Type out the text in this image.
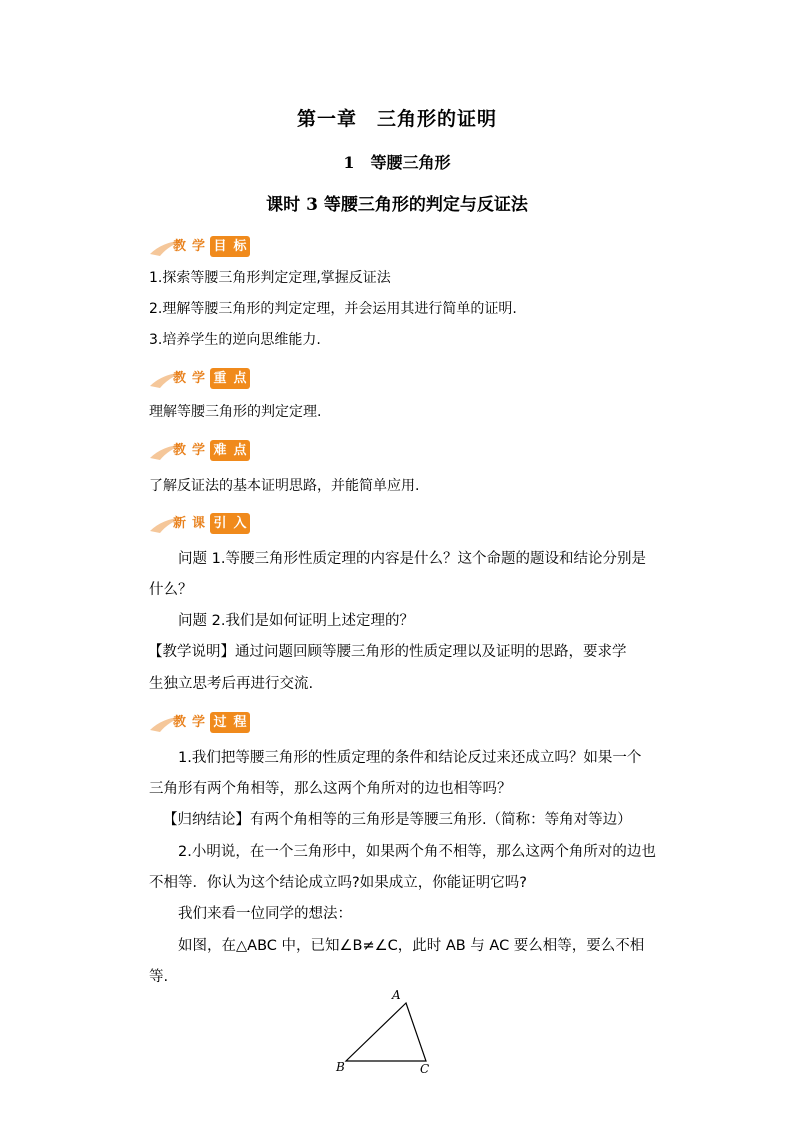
第一章　三角形的证明
1　等腰三角形
课时 3 等腰三角形的判定与反证法
教 学 目 标
1.探索等腰三角形判定定理,掌握反证法
2.理解等腰三角形的判定定理，并会运用其进行简单的证明.
3.培养学生的逆向思维能力.
教 学 重 点
理解等腰三角形的判定定理.
教 学 难 点
了解反证法的基本证明思路，并能简单应用.
新 课 引 入
问题 1.等腰三角形性质定理的内容是什么？这个命题的题设和结论分别是
什么？
问题 2.我们是如何证明上述定理的？
【教学说明】通过问题回顾等腰三角形的性质定理以及证明的思路，要求学
生独立思考后再进行交流.
教 学 过 程
1.我们把等腰三角形的性质定理的条件和结论反过来还成立吗？如果一个
三角形有两个角相等，那么这两个角所对的边也相等吗？
【归纳结论】有两个角相等的三角形是等腰三角形.（简称：等角对等边）
2.小明说，在一个三角形中，如果两个角不相等，那么这两个角所对的边也
不相等．你认为这个结论成立吗?如果成立，你能证明它吗?
我们来看一位同学的想法：
如图，在△ABC 中，已知∠B≠∠C，此时 AB 与 AC 要么相等，要么不相
等.
A
B	C
